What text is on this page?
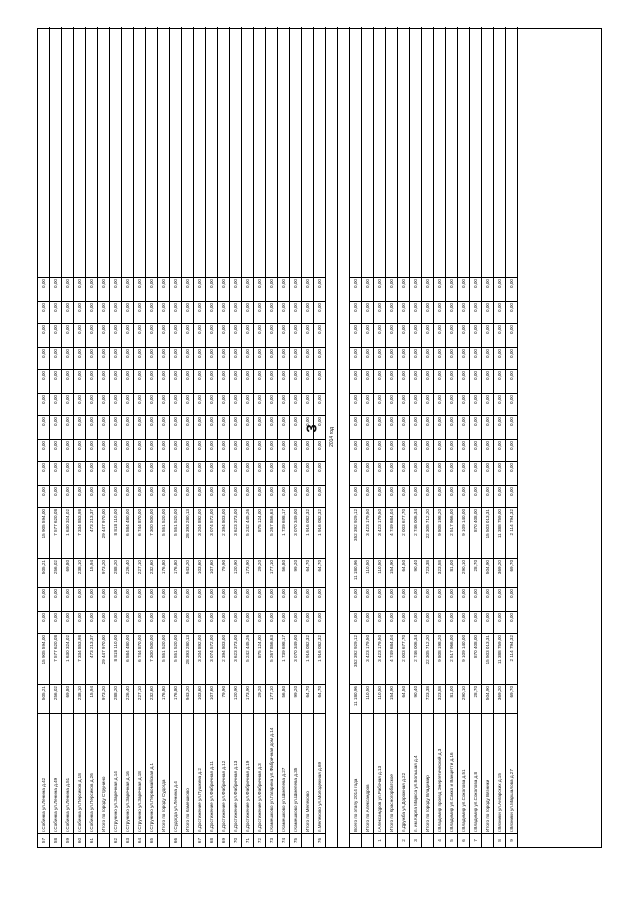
3
57
г.Собинка ул.Ленина д.42
505,21
15 905 594,00
0,00
0,00
505,21
15 905 594,00
0,00
0,00
0,00
0,00
0,00
0,00
0,00
0,00
0,00
0,00
58
г.Собинка ул.Ленина д.49
256,02
7 577 620,08
0,00
0,00
256,02
7 577 620,08
0,00
0,00
0,00
0,00
0,00
0,00
0,00
0,00
0,00
0,00
59
г.Собинка ул.Ленина д.51
69,80
1 630 324,02
0,00
0,00
69,80
1 630 324,02
0,00
0,00
0,00
0,00
0,00
0,00
0,00
0,00
0,00
0,00
60
г.Собинка ул.Персиков д.18
238,10
7 334 853,98
0,00
0,00
238,10
7 334 853,98
0,00
0,00
0,00
0,00
0,00
0,00
0,00
0,00
0,00
0,00
61
г.Собинка ул.Персиков д.26
15,94
473 213,37
0,00
0,00
15,94
473 213,37
0,00
0,00
0,00
0,00
0,00
0,00
0,00
0,00
0,00
0,00
Итого по городу Струнино
973,20
29 447 970,00
0,00
0,00
973,20
29 447 970,00
0,00
0,00
0,00
0,00
0,00
0,00
0,00
0,00
0,00
0,00
62
г.Струнино ул.Заречная д.14
288,20
8 818 110,00
0,00
0,00
288,20
8 818 110,00
0,00
0,00
0,00
0,00
0,00
0,00
0,00
0,00
0,00
0,00
63
г.Струнино ул.Заречная д.16
226,40
6 584 480,00
0,00
0,00
226,40
6 584 480,00
0,00
0,00
0,00
0,00
0,00
0,00
0,00
0,00
0,00
0,00
64
г.Струнино ул.Заречная д.18
227,10
6 744 870,00
0,00
0,00
227,10
6 744 870,00
0,00
0,00
0,00
0,00
0,00
0,00
0,00
0,00
0,00
0,00
65
г.Струнино ул.Первомайская д.1
232,60
7 300 500,00
0,00
0,00
232,60
7 300 500,00
0,00
0,00
0,00
0,00
0,00
0,00
0,00
0,00
0,00
0,00
Итого по городу Судогда
176,80
5 551 520,00
0,00
0,00
176,80
5 551 520,00
0,00
0,00
0,00
0,00
0,00
0,00
0,00
0,00
0,00
0,00
66
г.Судогда ул.Ленина д.4
176,80
5 551 520,00
0,00
0,00
176,80
5 551 520,00
0,00
0,00
0,00
0,00
0,00
0,00
0,00
0,00
0,00
0,00
Итого по Камешково
943,20
28 393 280,13
0,00
0,00
943,20
28 393 280,13
0,00
0,00
0,00
0,00
0,00
0,00
0,00
0,00
0,00
0,00
67
п.Достижение ул.Пушкина д.2
103,60
3 204 892,00
0,00
0,00
103,60
3 204 892,00
0,00
0,00
0,00
0,00
0,00
0,00
0,00
0,00
0,00
0,00
68
п.Достижение ул.Фабричная д.11
107,60
3 074 572,00
0,00
0,00
107,60
3 074 572,00
0,00
0,00
0,00
0,00
0,00
0,00
0,00
0,00
0,00
0,00
69
п.Достижение ул.Фабричная д.12
79,90
2 394 803,00
0,00
0,00
79,90
2 394 803,00
0,00
0,00
0,00
0,00
0,00
0,00
0,00
0,00
0,00
0,00
70
п.Достижение ул.Фабричная д.13
120,90
3 623 373,00
0,00
0,00
120,90
3 623 373,00
0,00
0,00
0,00
0,00
0,00
0,00
0,00
0,00
0,00
0,00
71
п.Достижение ул.Фабричная д.19
173,90
5 242 445,26
0,00
0,00
173,90
5 242 445,26
0,00
0,00
0,00
0,00
0,00
0,00
0,00
0,00
0,00
0,00
72
п.Достижение ул.Фабричная д.3
29,20
875 124,00
0,00
0,00
29,20
875 124,00
0,00
0,00
0,00
0,00
0,00
0,00
0,00
0,00
0,00
0,00
73
г.Камешково ул.Гагарина ул.Фабричная дом д.14
177,10
5 267 856,63
0,00
0,00
177,10
5 267 856,63
0,00
0,00
0,00
0,00
0,00
0,00
0,00
0,00
0,00
0,00
74
г.Камешково ул.Шмелева д.27
56,80
1 739 698,17
0,00
0,00
56,80
1 739 698,17
0,00
0,00
0,00
0,00
0,00
0,00
0,00
0,00
0,00
0,00
75
г.Камешково ул.Шмелева д.35
99,20
3 070 349,00
0,00
0,00
99,20
3 070 349,00
0,00
0,00
0,00
0,00
0,00
0,00
0,00
0,00
0,00
0,00
Итого по Мелехово
64,70
1 916 082,32
0,00
0,00
64,70
1 916 082,32
0,00
0,00
0,00
0,00
0,00
0,00
0,00
0,00
0,00
0,00
76
п.Мелехово ул.Молодежная д.69
64,70
1 916 082,32
0,00
0,00
64,70
1 916 082,32
0,00
0,00
0,00
0,00
0,00
0,00
0,00
0,00
0,00
0,00
2014 год
Всего по этапу 2014 года
11 180,96
352 392 929,12
0,00
0,00
11 180,96
352 392 929,12
0,00
0,00
0,00
0,00
0,00
0,00
0,00
0,00
0,00
0,00
Итого по Александров
110,50
3 423 179,50
0,00
0,00
110,50
3 423 179,50
0,00
0,00
0,00
0,00
0,00
0,00
0,00
0,00
0,00
0,00
1
г.Александров ул.Рабочая д.13
110,50
3 423 179,50
0,00
0,00
110,50
3 423 179,50
0,00
0,00
0,00
0,00
0,00
0,00
0,00
0,00
0,00
0,00
Итого по Красногорбатское
154,90
4 749 684,04
0,00
0,00
154,90
4 749 684,04
0,00
0,00
0,00
0,00
0,00
0,00
0,00
0,00
0,00
0,00
2
п.Дружба ул.Дорожная д.22
64,50
2 003 677,70
0,00
0,00
64,50
2 003 677,70
0,00
0,00
0,00
0,00
0,00
0,00
0,00
0,00
0,00
0,00
3
п. им.Карла Маркса ул.Большая д.4
90,40
2 746 006,34
0,00
0,00
90,40
2 746 006,34
0,00
0,00
0,00
0,00
0,00
0,00
0,00
0,00
0,00
0,00
Итого по городу Владимир
723,38
22 305 712,20
0,00
0,00
723,38
22 305 712,20
0,00
0,00
0,00
0,00
0,00
0,00
0,00
0,00
0,00
0,00
4
г.Владимир проезд Энергетический д.3
323,58
9 808 198,20
0,00
0,00
323,58
9 808 198,20
0,00
0,00
0,00
0,00
0,00
0,00
0,00
0,00
0,00
0,00
5
г.Владимир ул.Сакко и Ванцетти д.16
81,00
2 517 966,00
0,00
0,00
81,00
2 517 966,00
0,00
0,00
0,00
0,00
0,00
0,00
0,00
0,00
0,00
0,00
6
г.Владимир ул.Соколова д.51
290,10
9 109 140,00
0,00
0,00
290,10
9 109 140,00
0,00
0,00
0,00
0,00
0,00
0,00
0,00
0,00
0,00
0,00
7
г.Владимир ул.Соколова д.8
28,70
870 408,00
0,00
0,00
28,70
870 408,00
0,00
0,00
0,00
0,00
0,00
0,00
0,00
0,00
0,00
0,00
Итого по городу Вязники
504,90
15 503 013,31
0,00
0,00
504,90
15 503 013,31
0,00
0,00
0,00
0,00
0,00
0,00
0,00
0,00
0,00
0,00
8
г.Вязники ул.Ангарских д.15
369,20
11 388 759,00
0,00
0,00
369,20
11 388 759,00
0,00
0,00
0,00
0,00
0,00
0,00
0,00
0,00
0,00
0,00
9
г.Вязники ул.Маршалова д.27
69,70
2 114 794,32
0,00
0,00
69,70
2 114 794,32
0,00
0,00
0,00
0,00
0,00
0,00
0,00
0,00
0,00
0,00
